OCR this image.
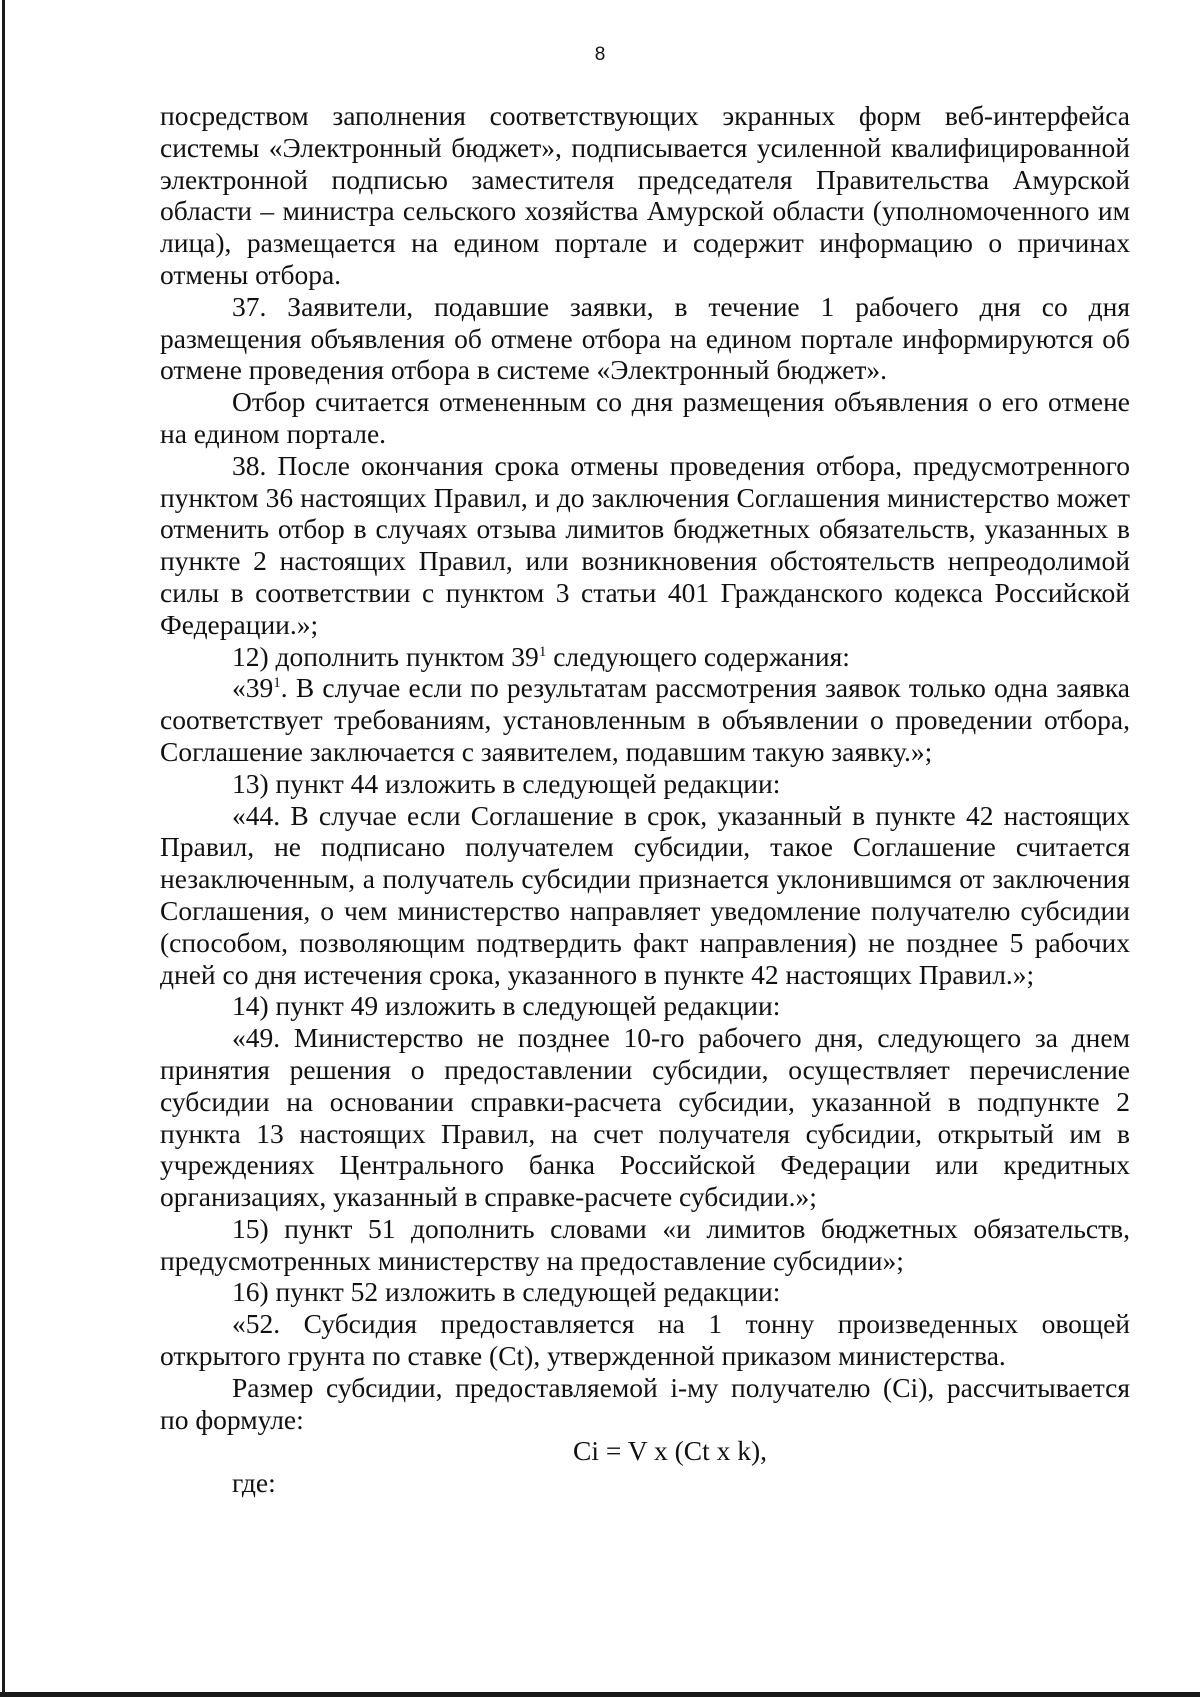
8

посредством заполнения соответствующих экранных форм веб-интерфейса системы «Электронный бюджет», подписывается усиленной квалифицированной электронной подписью заместителя председателя Правительства Амурской области – министра сельского хозяйства Амурской области (уполномоченного им лица), размещается на едином портале и содержит информацию о причинах отмены отбора.

37. Заявители, подавшие заявки, в течение 1 рабочего дня со дня размещения объявления об отмене отбора на едином портале информируются об отмене проведения отбора в системе «Электронный бюджет».

Отбор считается отмененным со дня размещения объявления о его отмене на едином портале.

38. После окончания срока отмены проведения отбора, предусмотренного пунктом 36 настоящих Правил, и до заключения Соглашения министерство может отменить отбор в случаях отзыва лимитов бюджетных обязательств, указанных в пункте 2 настоящих Правил, или возникновения обстоятельств непреодолимой силы в соответствии с пунктом 3 статьи 401 Гражданского кодекса Российской Федерации.»;

12) дополнить пунктом $39^1$ следующего содержания:

«$39^1$. В случае если по результатам рассмотрения заявок только одна заявка соответствует требованиям, установленным в объявлении о проведении отбора, Соглашение заключается с заявителем, подавшим такую заявку.»;

13) пункт 44 изложить в следующей редакции:

«44. В случае если Соглашение в срок, указанный в пункте 42 настоящих Правил, не подписано получателем субсидии, такое Соглашение считается незаключенным, а получатель субсидии признается уклонившимся от заключения Соглашения, о чем министерство направляет уведомление получателю субсидии (способом, позволяющим подтвердить факт направления) не позднее 5 рабочих дней со дня истечения срока, указанного в пункте 42 настоящих Правил.»;

14) пункт 49 изложить в следующей редакции:

«49. Министерство не позднее 10-го рабочего дня, следующего за днем принятия решения о предоставлении субсидии, осуществляет перечисление субсидии на основании справки-расчета субсидии, указанной в подпункте 2 пункта 13 настоящих Правил, на счет получателя субсидии, открытый им в учреждениях Центрального банка Российской Федерации или кредитных организациях, указанный в справке-расчете субсидии.»;

15) пункт 51 дополнить словами «и лимитов бюджетных обязательств, предусмотренных министерству на предоставление субсидии»;

16) пункт 52 изложить в следующей редакции:

«52. Субсидия предоставляется на 1 тонну произведенных овощей открытого грунта по ставке (Ct), утвержденной приказом министерства.

Размер субсидии, предоставляемой i-му получателю (Ci), рассчитывается по формуле:

Ci = V x (Ct x k),

где:
